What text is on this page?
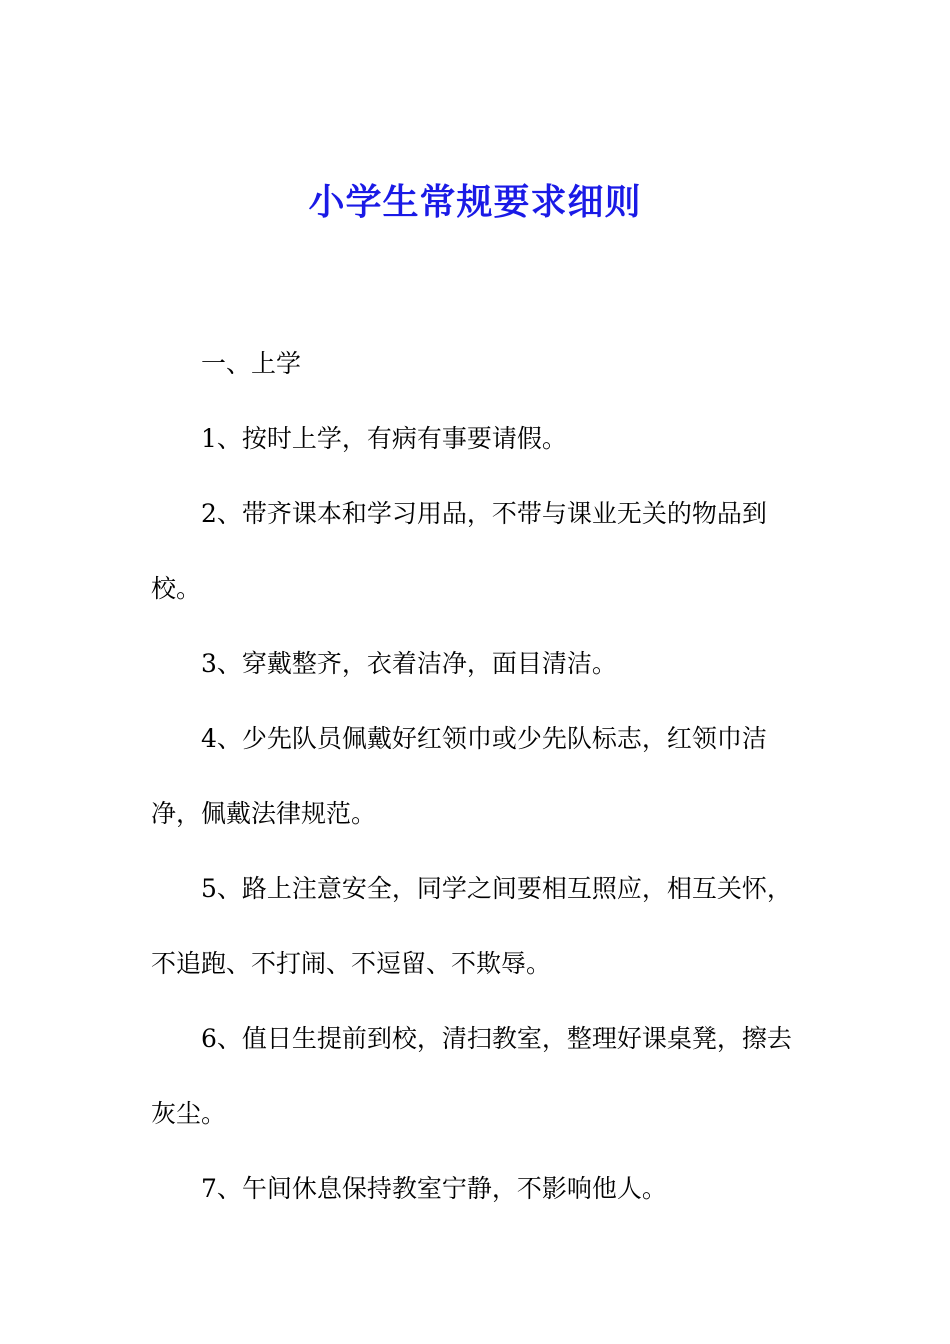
小学生常规要求细则

一、上学

1、按时上学，有病有事要请假。

2、带齐课本和学习用品，不带与课业无关的物品到校。

3、穿戴整齐，衣着洁净，面目清洁。

4、少先队员佩戴好红领巾或少先队标志，红领巾洁净，佩戴法律规范。

5、路上注意安全，同学之间要相互照应，相互关怀，不追跑、不打闹、不逗留、不欺辱。

6、值日生提前到校，清扫教室，整理好课桌凳，擦去灰尘。

7、午间休息保持教室宁静，不影响他人。
